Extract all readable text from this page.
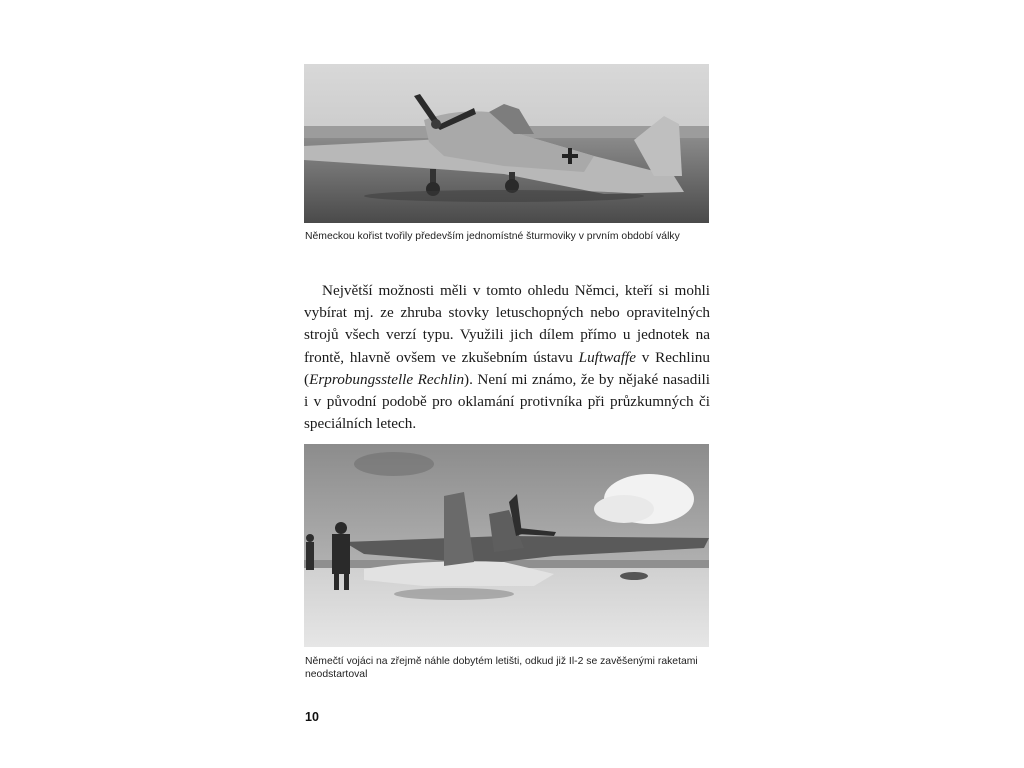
Německou kořist tvořily především jednomístné šturmoviky v prvním období války

Největší možnosti měli v tomto ohledu Němci, kteří si mohli vybírat mj. ze zhruba stovky letuschopných nebo opravitelných strojů všech verzí typu. Využili jich dílem přímo u jednotek na frontě, hlavně ovšem ve zkušebním ústavu Luftwaffe v Rechlinu (Erprobungsstelle Rechlin). Není mi známo, že by nějaké nasadili i v původní podobě pro oklamání protivníka při průzkumných či speciálních letech.

Němečtí vojáci na zřejmě náhle dobytém letišti, odkud již Il-2 se zavěšenými raketami neodstartoval
10
